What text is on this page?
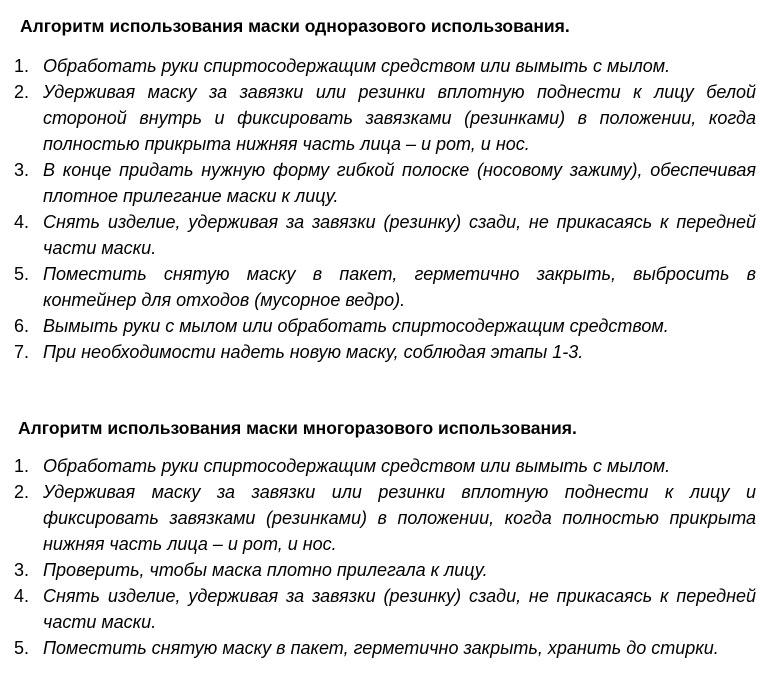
Алгоритм использования маски одноразового использования.
1. Обработать руки спиртосодержащим средством или вымыть с мылом.
2. Удерживая маску за завязки или резинки вплотную поднести к лицу белой стороной внутрь и фиксировать завязками (резинками) в положении, когда полностью прикрыта нижняя часть лица – и рот, и нос.
3. В конце придать нужную форму гибкой полоске (носовому зажиму), обеспечивая плотное прилегание маски к лицу.
4. Снять изделие, удерживая за завязки (резинку) сзади, не прикасаясь к передней части маски.
5. Поместить снятую маску в пакет, герметично закрыть, выбросить в контейнер для отходов (мусорное ведро).
6. Вымыть руки с мылом или обработать спиртосодержащим средством.
7. При необходимости надеть новую маску, соблюдая этапы 1-3.
Алгоритм использования маски многоразового использования.
1. Обработать руки спиртосодержащим средством или вымыть с мылом.
2. Удерживая маску за завязки или резинки вплотную поднести к лицу и фиксировать завязками (резинками) в положении, когда полностью прикрыта нижняя часть лица – и рот, и нос.
3. Проверить, чтобы маска плотно прилегала к лицу.
4. Снять изделие, удерживая за завязки (резинку) сзади, не прикасаясь к передней части маски.
5. Поместить снятую маску в пакет, герметично закрыть, хранить до стирки.
